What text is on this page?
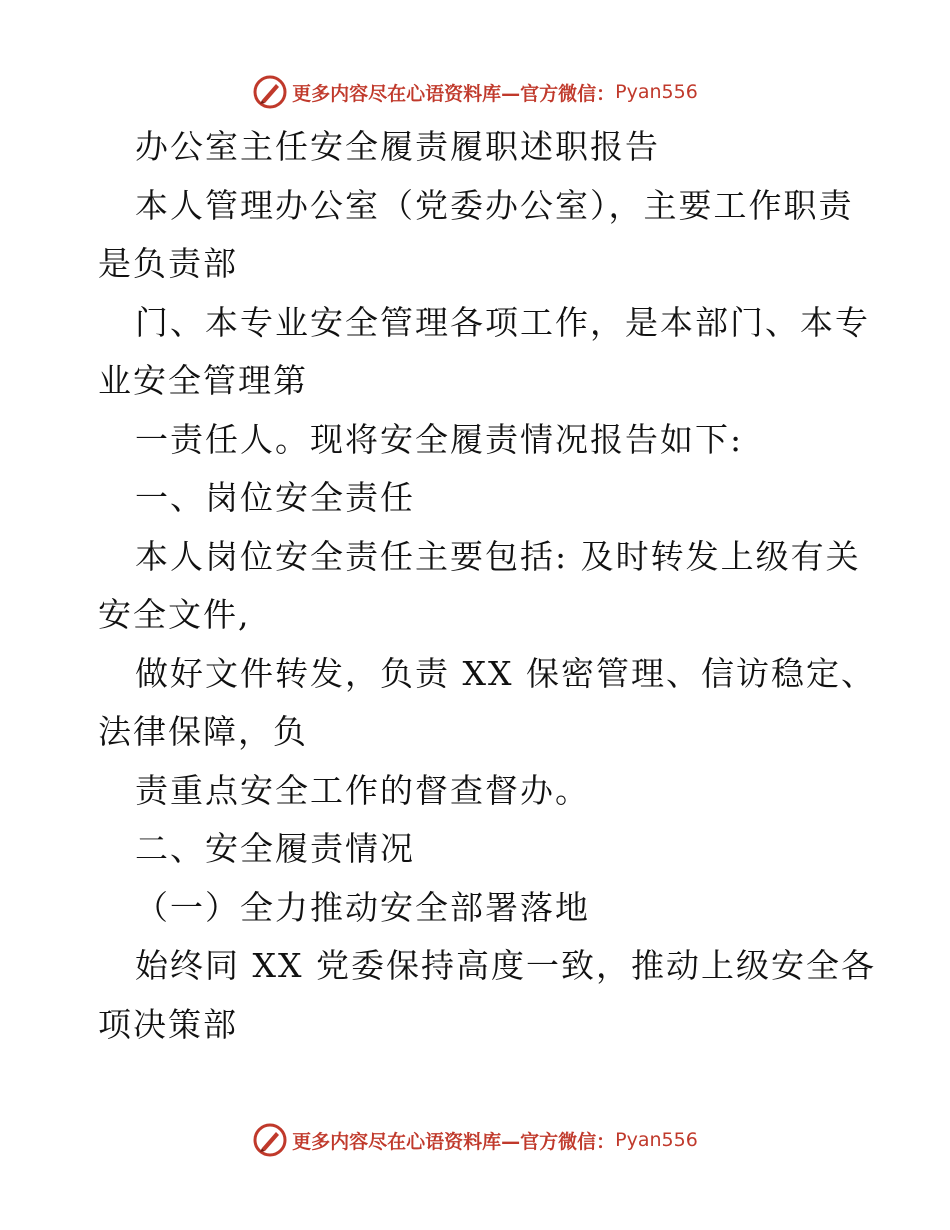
更多内容尽在心语资料库—官方微信： Pyan556

办公室主任安全履责履职述职报告

本人管理办公室（党委办公室），主要工作职责

是负责部

门、本专业安全管理各项工作，是本部门、本专

业安全管理第

一责任人。现将安全履责情况报告如下:

一、岗位安全责任

本人岗位安全责任主要包括: 及时转发上级有关

安全文件,

做好文件转发，负责 XX 保密管理、信访稳定、

法律保障，负

责重点安全工作的督查督办。

二、安全履责情况

（一）全力推动安全部署落地

始终同 XX 党委保持高度一致，推动上级安全各

项决策部

更多内容尽在心语资料库—官方微信： Pyan556
